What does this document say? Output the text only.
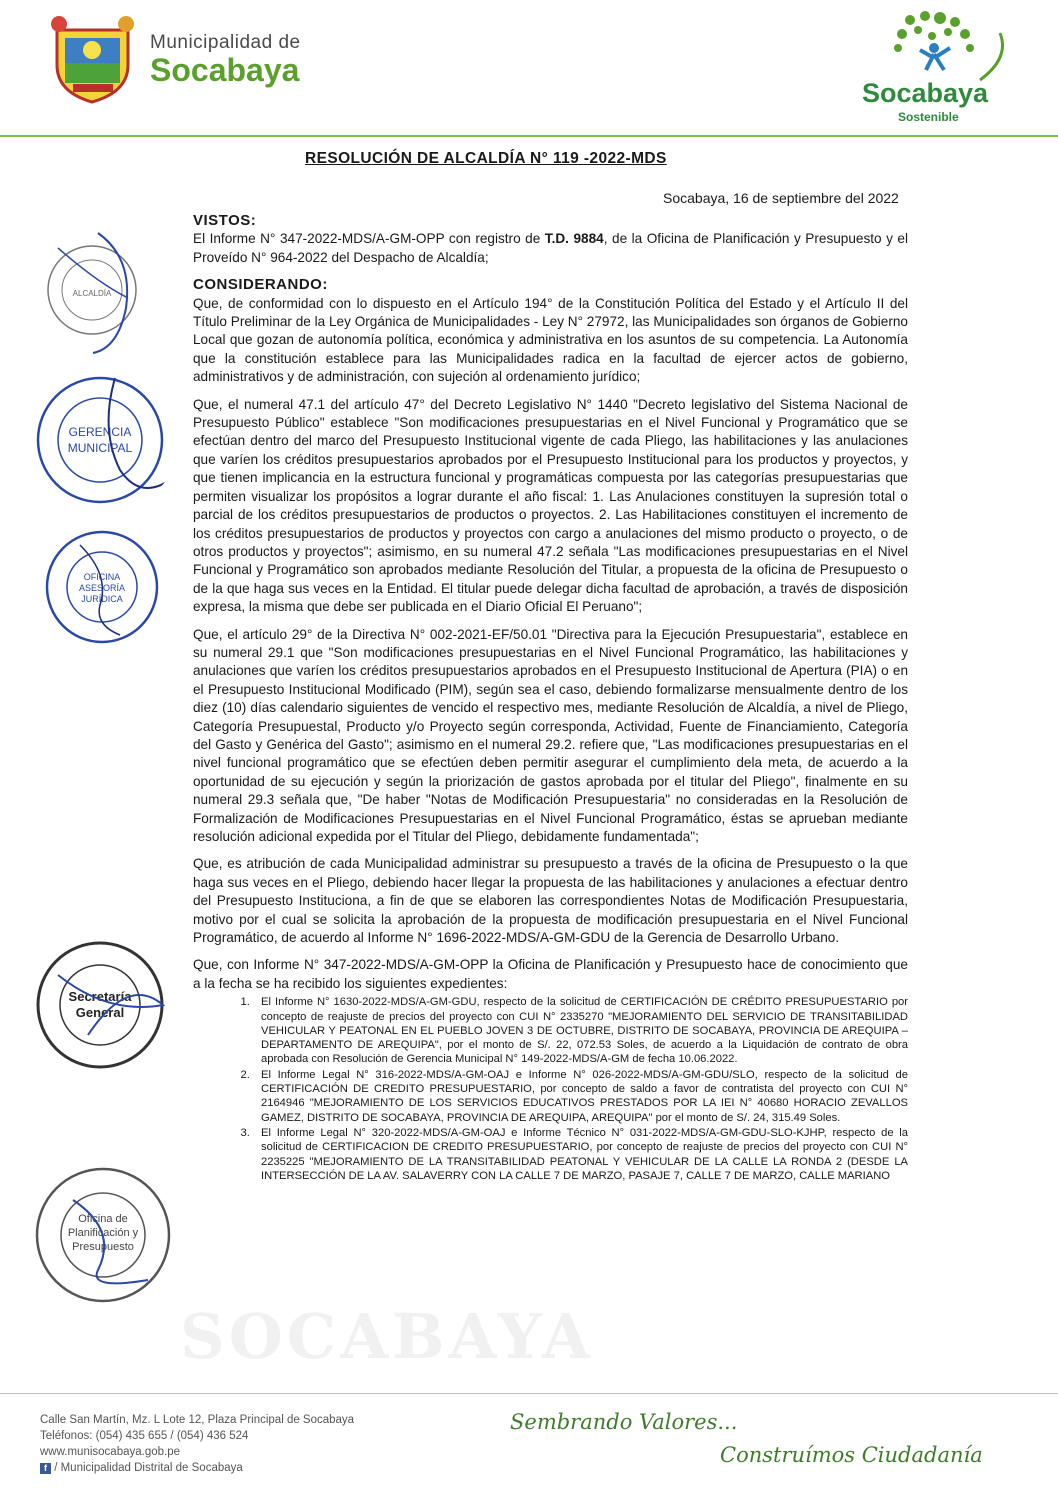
Municipalidad de
Socabaya
Socabaya
Sostenible
SOCABAYA
RESOLUCIÓN DE ALCALDÍA N° 119 -2022-MDS
Socabaya, 16 de septiembre del 2022
VISTOS:

El Informe N° 347-2022-MDS/A-GM-OPP con registro de T.D. 9884, de la Oficina de Planificación y Presupuesto y el Proveído N° 964-2022 del Despacho de Alcaldía;

CONSIDERANDO:

Que, de conformidad con lo dispuesto en el Artículo 194° de la Constitución Política del Estado y el Artículo II del Título Preliminar de la Ley Orgánica de Municipalidades - Ley N° 27972, las Municipalidades son órganos de Gobierno Local que gozan de autonomía política, económica y administrativa en los asuntos de su competencia. La Autonomía que la constitución establece para las Municipalidades radica en la facultad de ejercer actos de gobierno, administrativos y de administración, con sujeción al ordenamiento jurídico;

Que, el numeral 47.1 del artículo 47° del Decreto Legislativo N° 1440 "Decreto legislativo del Sistema Nacional de Presupuesto Público" establece "Son modificaciones presupuestarias en el Nivel Funcional y Programático que se efectúan dentro del marco del Presupuesto Institucional vigente de cada Pliego, las habilitaciones y las anulaciones que varíen los créditos presupuestarios aprobados por el Presupuesto Institucional para los productos y proyectos, y que tienen implicancia en la estructura funcional y programáticas compuesta por las categorías presupuestarias que permiten visualizar los propósitos a lograr durante el año fiscal: 1. Las Anulaciones constituyen la supresión total o parcial de los créditos presupuestarios de productos o proyectos. 2. Las Habilitaciones constituyen el incremento de los créditos presupuestarios de productos y proyectos con cargo a anulaciones del mismo producto o proyecto, o de otros productos y proyectos"; asimismo, en su numeral 47.2 señala "Las modificaciones presupuestarias en el Nivel Funcional y Programático son aprobados mediante Resolución del Titular, a propuesta de la oficina de Presupuesto o de la que haga sus veces en la Entidad. El titular puede delegar dicha facultad de aprobación, a través de disposición expresa, la misma que debe ser publicada en el Diario Oficial El Peruano";

Que, el artículo 29° de la Directiva N° 002-2021-EF/50.01 "Directiva para la Ejecución Presupuestaria", establece en su numeral 29.1 que "Son modificaciones presupuestarias en el Nivel Funcional Programático, las habilitaciones y anulaciones que varíen los créditos presupuestarios aprobados en el Presupuesto Institucional de Apertura (PIA) o en el Presupuesto Institucional Modificado (PIM), según sea el caso, debiendo formalizarse mensualmente dentro de los diez (10) días calendario siguientes de vencido el respectivo mes, mediante Resolución de Alcaldía, a nivel de Pliego, Categoría Presupuestal, Producto y/o Proyecto según corresponda, Actividad, Fuente de Financiamiento, Categoría del Gasto y Genérica del Gasto"; asimismo en el numeral 29.2. refiere que, "Las modificaciones presupuestarias en el nivel funcional programático que se efectúen deben permitir asegurar el cumplimiento dela meta, de acuerdo a la oportunidad de su ejecución y según la priorización de gastos aprobada por el titular del Pliego", finalmente en su numeral 29.3 señala que, "De haber "Notas de Modificación Presupuestaria" no consideradas en la Resolución de Formalización de Modificaciones Presupuestarias en el Nivel Funcional Programático, éstas se aprueban mediante resolución adicional expedida por el Titular del Pliego, debidamente fundamentada";

Que, es atribución de cada Municipalidad administrar su presupuesto a través de la oficina de Presupuesto o la que haga sus veces en el Pliego, debiendo hacer llegar la propuesta de las habilitaciones y anulaciones a efectuar dentro del Presupuesto Instituciona, a fin de que se elaboren las correspondientes Notas de Modificación Presupuestaria, motivo por el cual se solicita la aprobación de la propuesta de modificación presupuestaria en el Nivel Funcional Programático, de acuerdo al Informe N° 1696-2022-MDS/A-GM-GDU de la Gerencia de Desarrollo Urbano.

Que, con Informe N° 347-2022-MDS/A-GM-OPP la Oficina de Planificación y Presupuesto hace de conocimiento que a la fecha se ha recibido los siguientes expedientes:

1. El Informe N° 1630-2022-MDS/A-GM-GDU, respecto de la solicitud de CERTIFICACIÓN DE CRÉDITO PRESUPUESTARIO por concepto de reajuste de precios del proyecto con CUI N° 2335270 "MEJORAMIENTO DEL SERVICIO DE TRANSITABILIDAD VEHICULAR Y PEATONAL EN EL PUEBLO JOVEN 3 DE OCTUBRE, DISTRITO DE SOCABAYA, PROVINCIA DE AREQUIPA – DEPARTAMENTO DE AREQUIPA", por el monto de S/. 22, 072.53 Soles, de acuerdo a la Liquidación de contrato de obra aprobada con Resolución de Gerencia Municipal N° 149-2022-MDS/A-GM de fecha 10.06.2022.
2. El Informe Legal N° 316-2022-MDS/A-GM-OAJ e Informe N° 026-2022-MDS/A-GM-GDU/SLO, respecto de la solicitud de CERTIFICACIÓN DE CREDITO PRESUPUESTARIO, por concepto de saldo a favor de contratista del proyecto con CUI N° 2164946 "MEJORAMIENTO DE LOS SERVICIOS EDUCATIVOS PRESTADOS POR LA IEI N° 40680 HORACIO ZEVALLOS GAMEZ, DISTRITO DE SOCABAYA, PROVINCIA DE AREQUIPA, AREQUIPA" por el monto de S/. 24, 315.49 Soles.
3. El Informe Legal N° 320-2022-MDS/A-GM-OAJ e Informe Técnico N° 031-2022-MDS/A-GM-GDU-SLO-KJHP, respecto de la solicitud de CERTIFICACION DE CREDITO PRESUPUESTARIO, por concepto de reajuste de precios del proyecto con CUI N° 2235225 "MEJORAMIENTO DE LA TRANSITABILIDAD PEATONAL Y VEHICULAR DE LA CALLE LA RONDA 2 (DESDE LA INTERSECCIÓN DE LA AV. SALAVERRY CON LA CALLE 7 DE MARZO, PASAJE 7, CALLE 7 DE MARZO, CALLE MARIANO
ALCALDÍA
GERENCIA
MUNICIPAL
OFICINA
ASESORÍA
JURÍDICA
Secretaría
General
Oficina de
Planificación y
Presupuesto
Calle San Martín, Mz. L Lote 12, Plaza Principal de Socabaya
Teléfonos: (054) 435 655 / (054) 436 524
www.munisocabaya.gob.pe
f / Municipalidad Distrital de Socabaya
Sembrando Valores...
Construímos Ciudadanía
